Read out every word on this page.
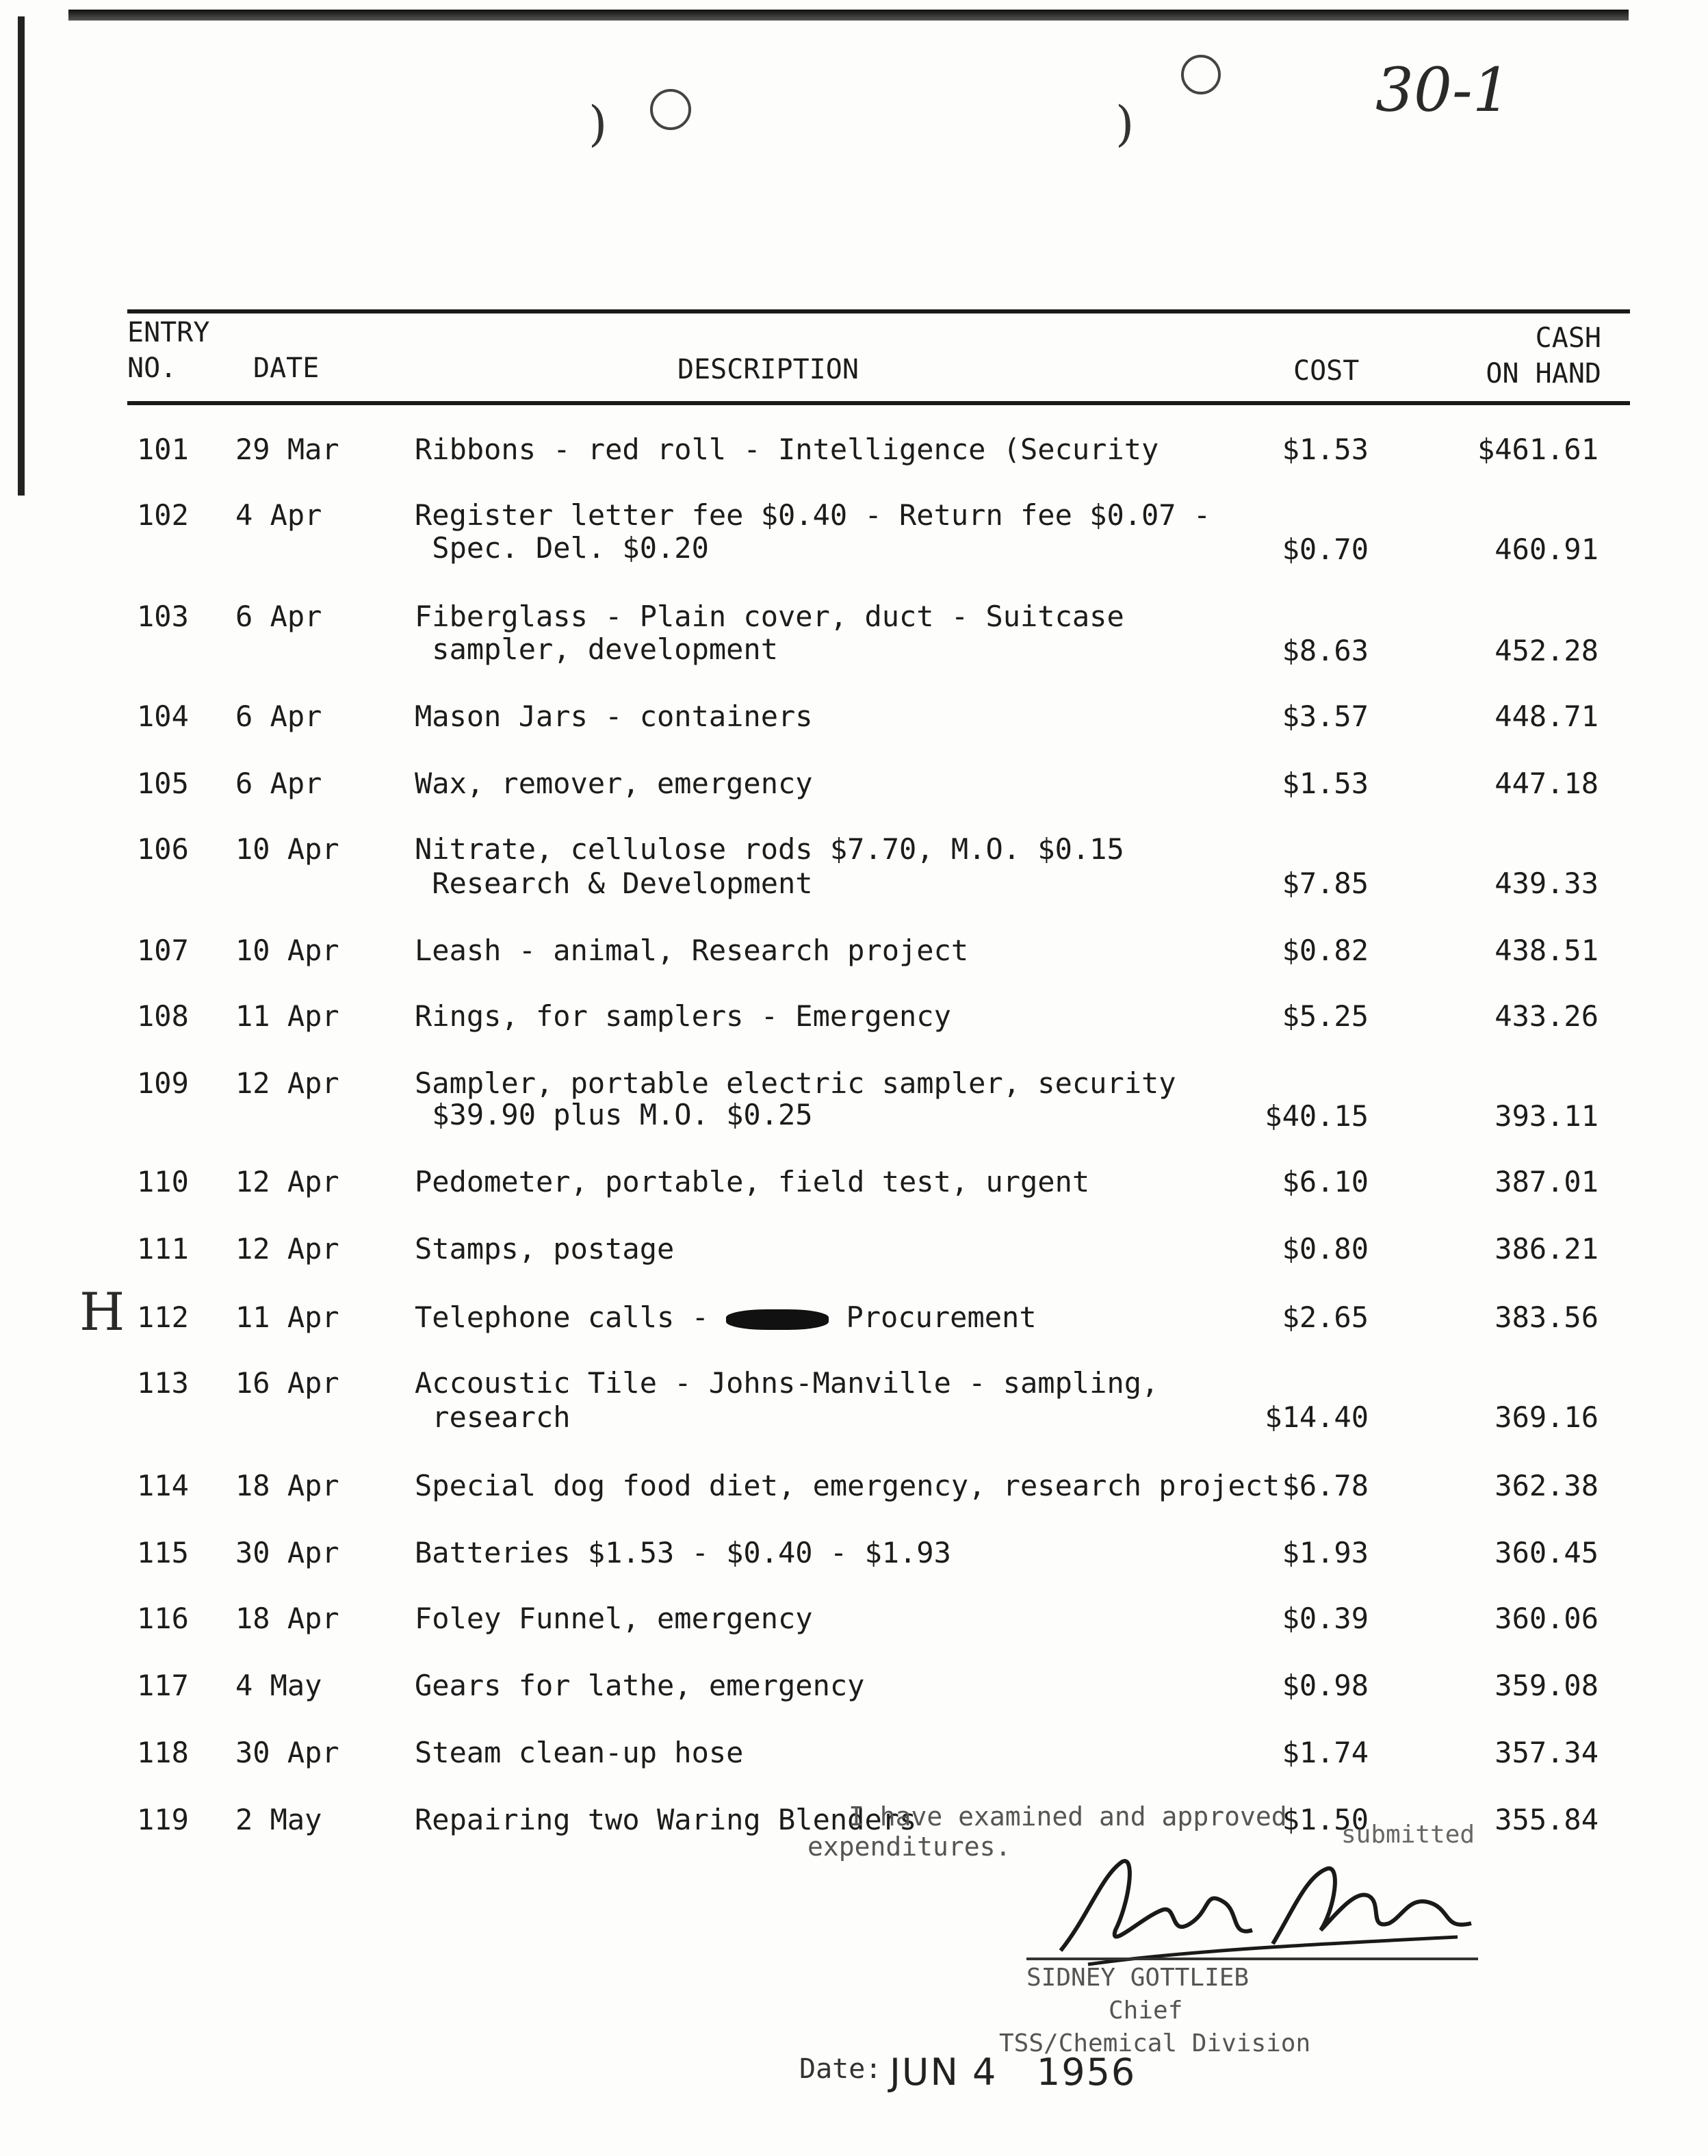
)	)	30-1
ENTRY
NO.	DATE	DESCRIPTION	COST
CASH
ON HAND
101 29 Mar	Ribbons - red roll - Intelligence (Security	$1.53	$461.61
102 4 Apr	Register letter fee $0.40 - Return fee $0.07 -
Spec. Del. $0.20	$0.70	460.91
103 6 Apr	Fiberglass - Plain cover, duct - Suitcase
sampler, development	$8.63	452.28
104 6 Apr	Mason Jars - containers	$3.57	448.71
105 6 Apr	Wax, remover, emergency	$1.53	447.18
106 10 Apr	Nitrate, cellulose rods $7.70, M.O. $0.15
Research & Development	$7.85	439.33
107 10 Apr	Leash - animal, Research project	$0.82	438.51
108 11 Apr	Rings, for samplers - Emergency	$5.25	433.26
109 12 Apr	Sampler, portable electric sampler, security
$39.90 plus M.O. $0.25	$40.15	393.11
110 12 Apr	Pedometer, portable, field test, urgent	$6.10	387.01
111 12 Apr	Stamps, postage	$0.80	386.21
H 112 11 Apr	Telephone calls -	Procurement	$2.65	383.56
113 16 Apr	Accoustic Tile - Johns-Manville - sampling,
research	$14.40	369.16
114 18 Apr	Special dog food diet, emergency, research project $6.78	362.38
115 30 Apr	Batteries $1.53 - $0.40 - $1.93	$1.93	360.45
116 18 Apr	Foley Funnel, emergency	$0.39	360.06
117 4 May	Gears for lathe, emergency	$0.98	359.08
118 30 Apr	Steam clean-up hose	$1.74	357.34
119 2 May	Repairing two Waring Blenders	$1.50	355.84
I have examined and approved
expenditures.	submitted
SIDNEY GOTTLIEB
Chief
TSS/Chemical Division
Date: JUN 4   1956
